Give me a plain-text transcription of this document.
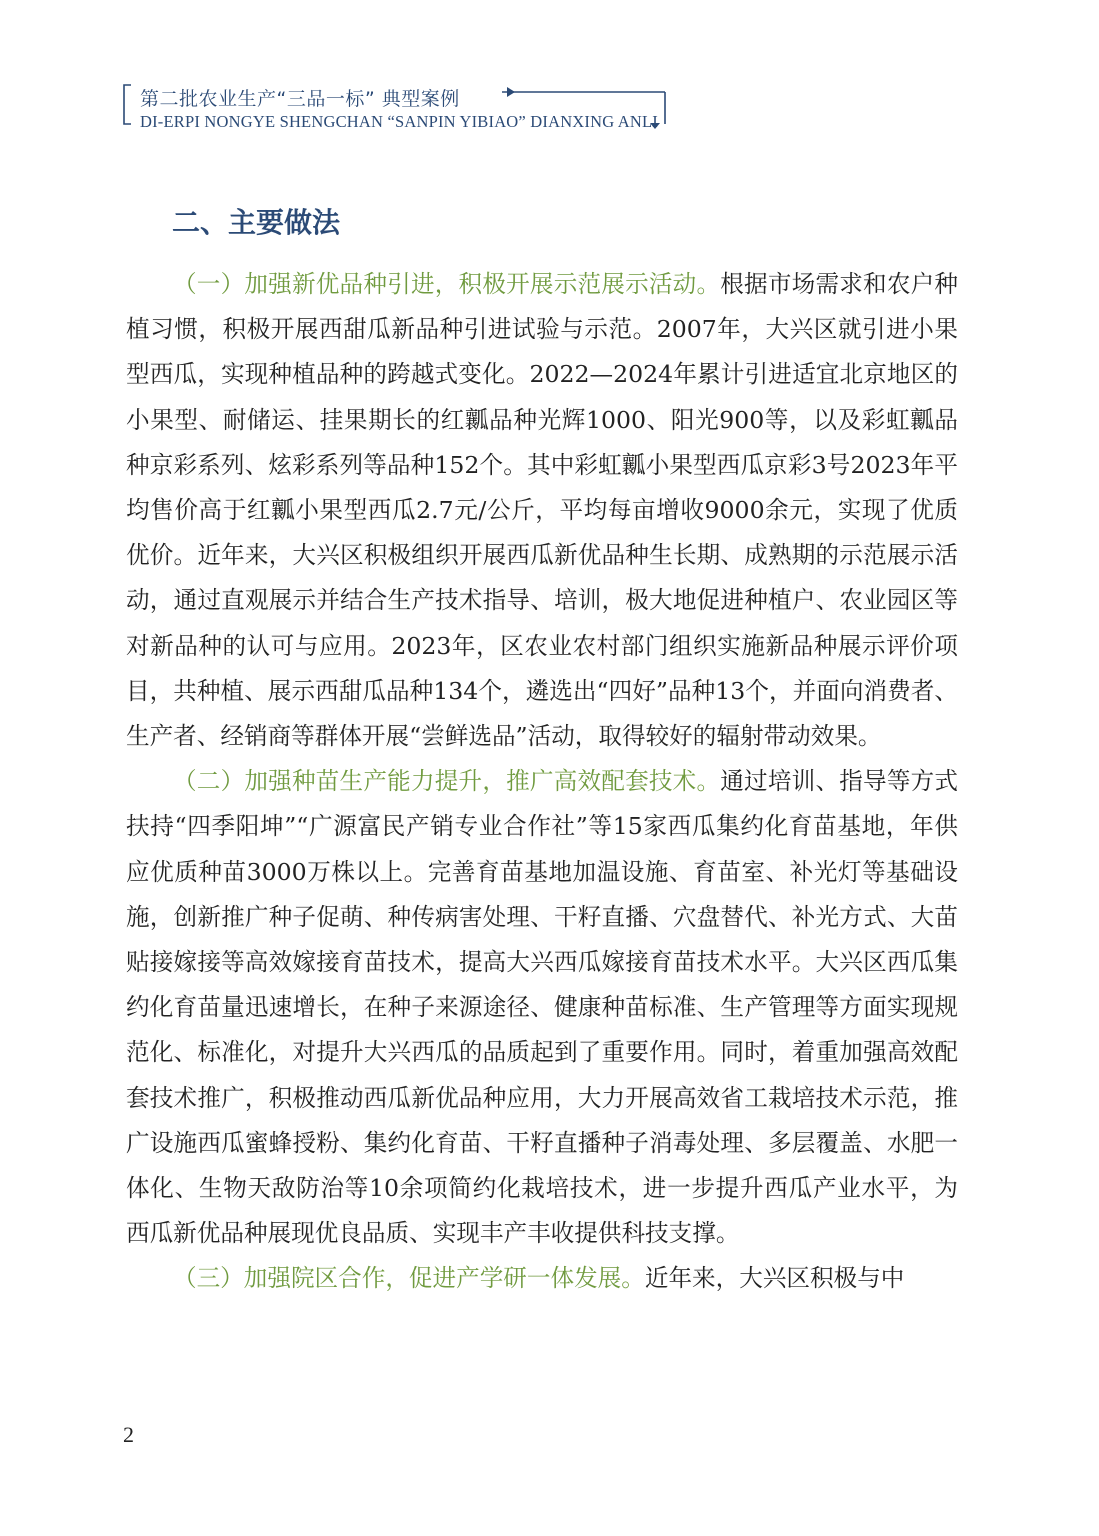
第二批农业生产“三品一标” 典型案例
DI-ERPI NONGYE SHENGCHAN “SANPIN YIBIAO” DIANXING ANLI
二、主要做法

（一）加强新优品种引进，积极开展示范展示活动。根据市场需求和农户种植习惯，积极开展西甜瓜新品种引进试验与示范。2007年，大兴区就引进小果型西瓜，实现种植品种的跨越式变化。2022—2024年累计引进适宜北京地区的小果型、耐储运、挂果期长的红瓤品种光辉1000、阳光900等，以及彩虹瓤品种京彩系列、炫彩系列等品种152个。其中彩虹瓤小果型西瓜京彩3号2023年平均售价高于红瓤小果型西瓜2.7元/公斤，平均每亩增收9000余元，实现了优质优价。近年来，大兴区积极组织开展西瓜新优品种生长期、成熟期的示范展示活动，通过直观展示并结合生产技术指导、培训，极大地促进种植户、农业园区等对新品种的认可与应用。2023年，区农业农村部门组织实施新品种展示评价项目，共种植、展示西甜瓜品种134个，遴选出“四好”品种13个，并面向消费者、生产者、经销商等群体开展“尝鲜选品”活动，取得较好的辐射带动效果。

（二）加强种苗生产能力提升，推广高效配套技术。通过培训、指导等方式扶持“四季阳坤”“广源富民产销专业合作社”等15家西瓜集约化育苗基地，年供应优质种苗3000万株以上。完善育苗基地加温设施、育苗室、补光灯等基础设施，创新推广种子促萌、种传病害处理、干籽直播、穴盘替代、补光方式、大苗贴接嫁接等高效嫁接育苗技术，提高大兴西瓜嫁接育苗技术水平。大兴区西瓜集约化育苗量迅速增长，在种子来源途径、健康种苗标准、生产管理等方面实现规范化、标准化，对提升大兴西瓜的品质起到了重要作用。同时，着重加强高效配套技术推广，积极推动西瓜新优品种应用，大力开展高效省工栽培技术示范，推广设施西瓜蜜蜂授粉、集约化育苗、干籽直播种子消毒处理、多层覆盖、水肥一体化、生物天敌防治等10余项简约化栽培技术，进一步提升西瓜产业水平，为西瓜新优品种展现优良品质、实现丰产丰收提供科技支撑。

（三）加强院区合作，促进产学研一体发展。近年来，大兴区积极与中

2
